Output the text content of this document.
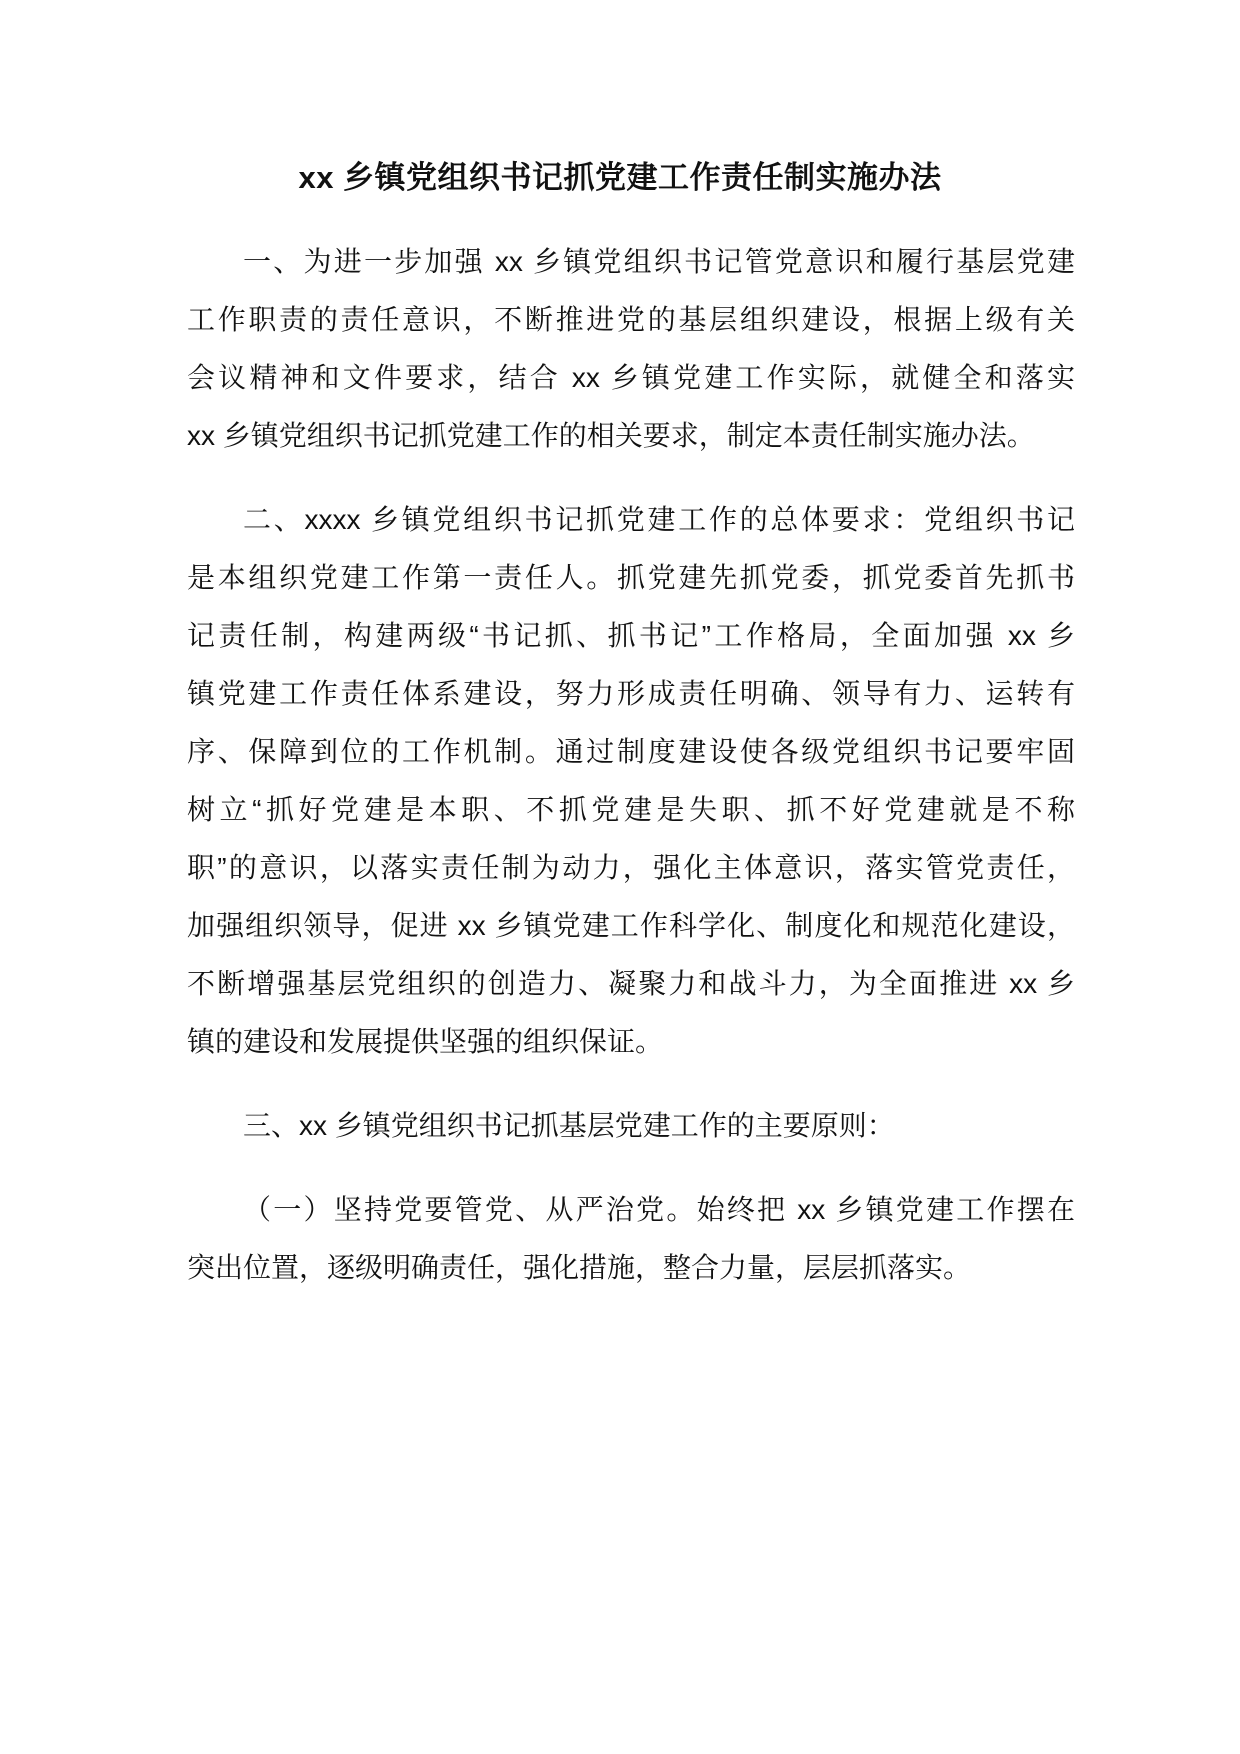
xx 乡镇党组织书记抓党建工作责任制实施办法
一、为进一步加强 xx 乡镇党组织书记管党意识和履行基层党建
工作职责的责任意识，不断推进党的基层组织建设，根据上级有关
会议精神和文件要求，结合 xx 乡镇党建工作实际，就健全和落实
xx 乡镇党组织书记抓党建工作的相关要求，制定本责任制实施办法。
二、xxxx 乡镇党组织书记抓党建工作的总体要求：党组织书记
是本组织党建工作第一责任人。抓党建先抓党委，抓党委首先抓书
记责任制，构建两级“书记抓、抓书记”工作格局，全面加强 xx 乡
镇党建工作责任体系建设，努力形成责任明确、领导有力、运转有
序、保障到位的工作机制。通过制度建设使各级党组织书记要牢固
树立“抓好党建是本职、不抓党建是失职、抓不好党建就是不称
职”的意识，以落实责任制为动力，强化主体意识，落实管党责任，
加强组织领导，促进 xx 乡镇党建工作科学化、制度化和规范化建设，
不断增强基层党组织的创造力、凝聚力和战斗力，为全面推进 xx 乡
镇的建设和发展提供坚强的组织保证。
三、xx 乡镇党组织书记抓基层党建工作的主要原则：
（一）坚持党要管党、从严治党。始终把 xx 乡镇党建工作摆在
突出位置，逐级明确责任，强化措施，整合力量，层层抓落实。
